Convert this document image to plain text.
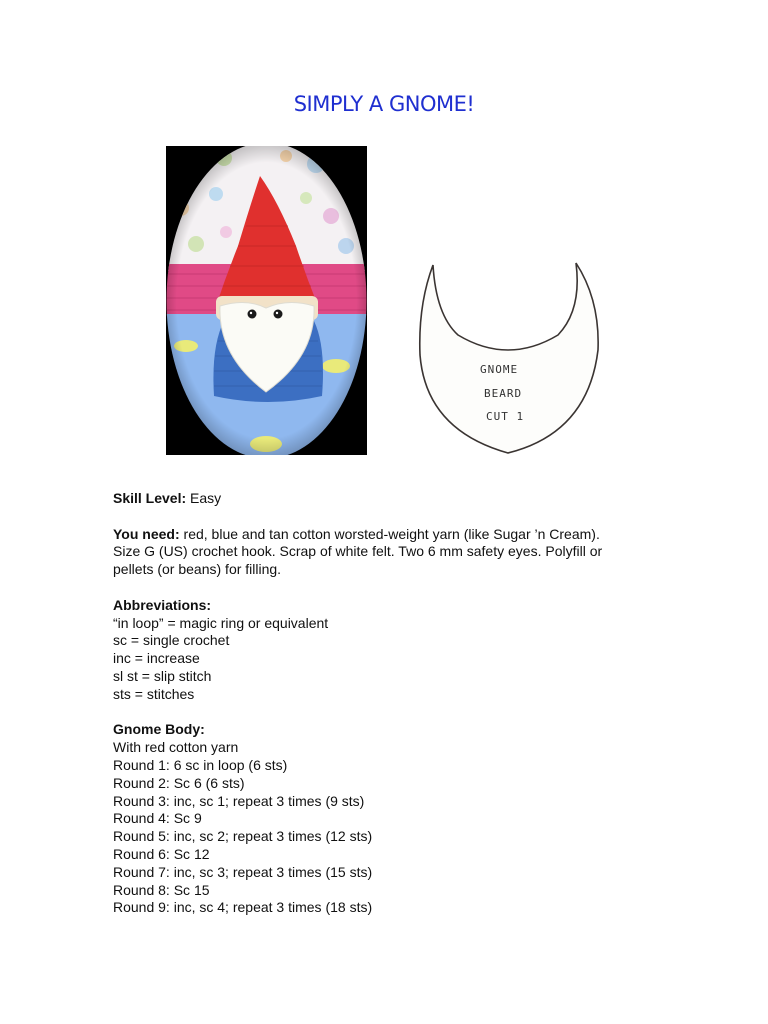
SIMPLY A GNOME!
GNOME
BEARD
CUT 1

Skill Level: Easy

You need: red, blue and tan cotton worsted-weight yarn (like Sugar ’n Cream).

Size G (US) crochet hook. Scrap of white felt. Two 6 mm safety eyes. Polyfill or

pellets (or beans) for filling.

Abbreviations:

“in loop” = magic ring or equivalent

sc = single crochet

inc = increase

sl st = slip stitch

sts = stitches

Gnome Body:

With red cotton yarn

Round 1: 6 sc in loop (6 sts)

Round 2: Sc 6 (6 sts)

Round 3: inc, sc 1; repeat 3 times (9 sts)

Round 4: Sc 9

Round 5: inc, sc 2; repeat 3 times (12 sts)

Round 6: Sc 12

Round 7: inc, sc 3; repeat 3 times (15 sts)

Round 8: Sc 15

Round 9: inc, sc 4; repeat 3 times (18 sts)
